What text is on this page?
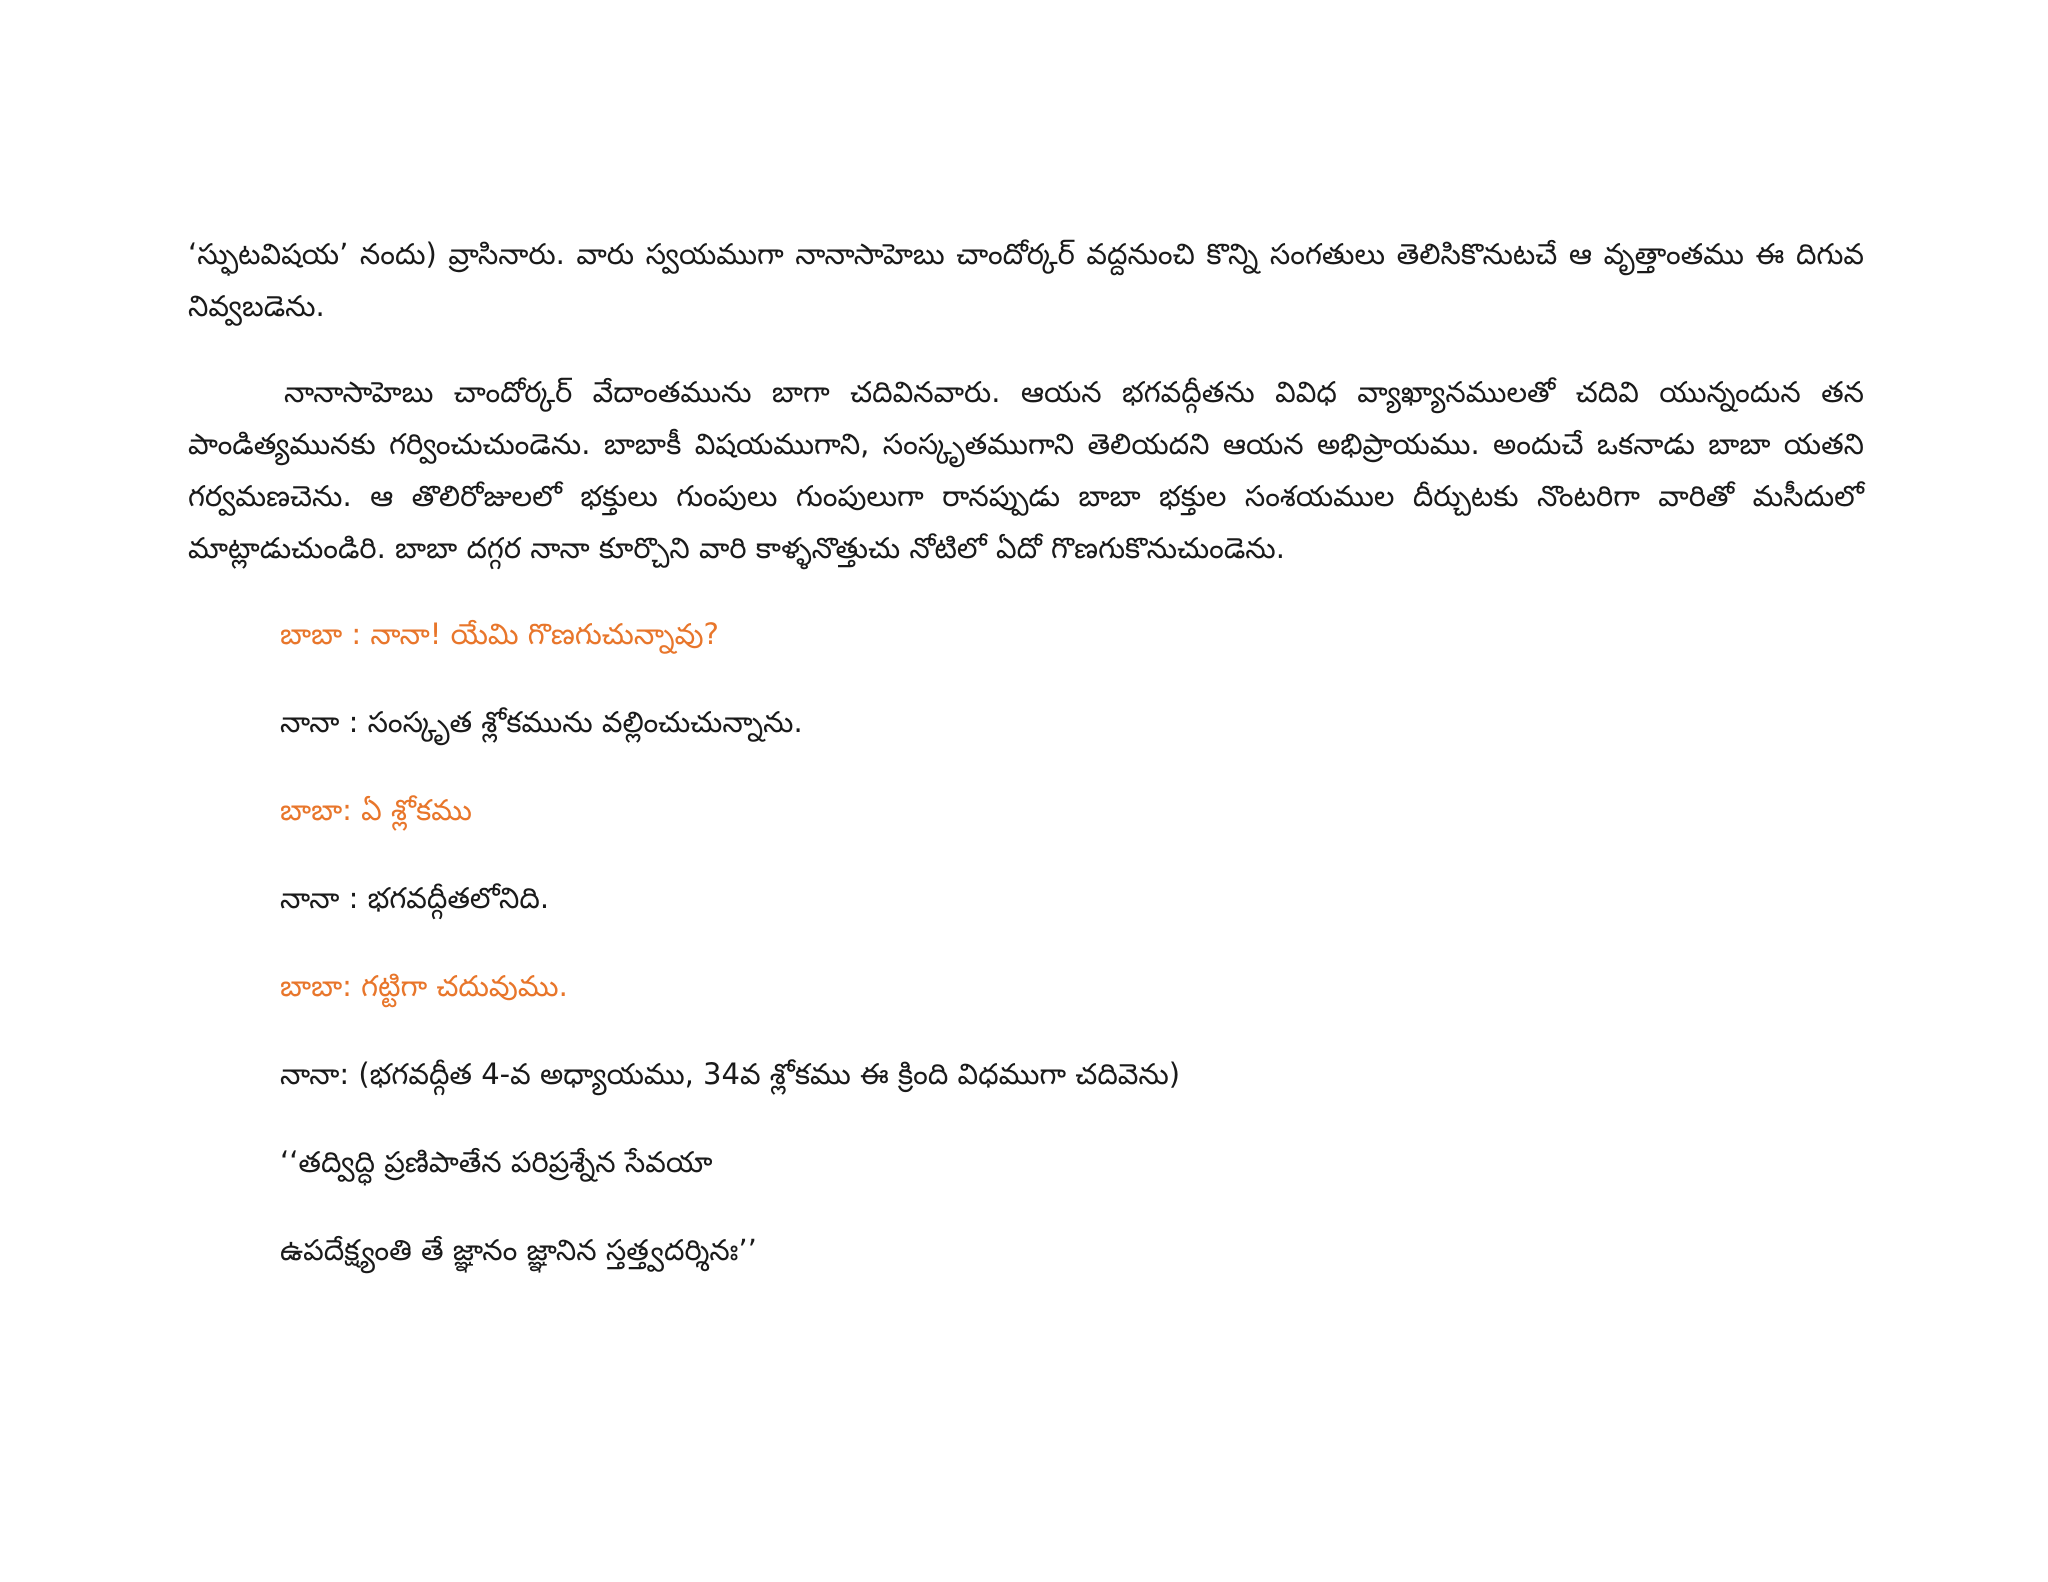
‘స్ఫుటవిషయ’ నందు) వ్రాసినారు. వారు స్వయముగా నానాసాహెబు చాందోర్కర్ వద్దనుంచి కొన్ని సంగతులు తెలిసికొనుటచే ఆ వృత్తాంతము ఈ దిగువ నివ్వబడెను.

నానాసాహెబు చాందోర్కర్ వేదాంతమును బాగా చదివినవారు. ఆయన భగవద్గీతను వివిధ వ్యాఖ్యానములతో చదివి యున్నందున తన పాండిత్యమునకు గర్వించుచుండెను. బాబాకీ విషయముగాని, సంస్కృతముగాని తెలియదని ఆయన అభిప్రాయము. అందుచే ఒకనాడు బాబా యతని గర్వమణచెను. ఆ తొలిరోజులలో భక్తులు గుంపులు గుంపులుగా రానప్పుడు బాబా భక్తుల సంశయముల దీర్చుటకు నొంటరిగా వారితో మసీదులో మాట్లాడుచుండిరి. బాబా దగ్గర నానా కూర్చొని వారి కాళ్ళనొత్తుచు నోటిలో ఏదో గొణగుకొనుచుండెను.

బాబా : నానా! యేమి గొణగుచున్నావు?
నానా : సంస్కృత శ్లోకమును వల్లించుచున్నాను.
బాబా: ఏ శ్లోకము
నానా : భగవద్గీతలోనిది.
బాబా: గట్టిగా చదువుము.
నానా: (భగవద్గీత 4-వ అధ్యాయము, 34వ శ్లోకము ఈ క్రింది విధముగా చదివెను)
‘‘తద్విద్ధి ప్రణిపాతేన పరిప్రశ్నేన సేవయా
ఉపదేక్ష్యంతి తే జ్ఞానం జ్ఞానిన స్తత్త్వదర్శినః’’
